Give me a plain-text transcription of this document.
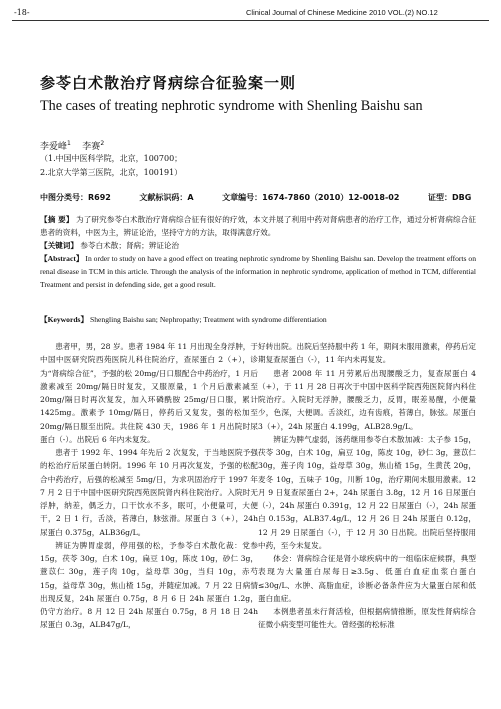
-18-	Clinical Journal of Chinese Medicine 2010 VOL.(2) NO.12
参苓白术散治疗肾病综合征验案一则
The cases of treating nephrotic syndrome with Shenling Baishu san
李爱峰$^1$ 李赛$^2$
（1.中国中医科学院，北京，100700；
2.北京大学第三医院，北京，100191）
中图分类号：R692	文献标识码：A	文章编号：1674-7860（2010）12-0018-02	证型：DBG
【摘 要】 为了研究参苓白术散治疗肾病综合征有很好的疗效，本文并展了利用中药对肾病患者的治疗工作，通过分析肾病综合征患者的资料，中医为主，辨证论治，坚持守方的方法，取得满意疗效。
【关键词】 参苓白术散；肾病；辨证论治
【Abstract】 In order to study on have a good effect on treating nephrotic syndrome by Shenling Baishu san. Develop the treatment efforts on renal disease in TCM in this article. Through the analysis of the information in nephrotic syndrome, application of method in TCM, differential Treatment and persist in defending side, get a good result.
【Keywords】 Shengling Baishu san; Nephropathy; Treatment with syndrome differentiation

患者甲，男，28 岁。患者 1984 年 11 月出现全身浮肿，于中国中医研究院西苑医院儿科住院治疗，查尿蛋白 2（+），诊为“肾病综合征”，予强的松 20mg/日口服配合中药治疗，1 月后激素减至 20mg/隔日时复发，又服原量，1 个月后激素减至 20mg/隔日时再次复发，加入环磷酰胺 25mg/日口服，累计 1425mg。激素予 10mg/隔日，停药后又复发，强的松加至 20mg/隔日服至出院。共住院 430 天，1986 年 1 月出院时尿蛋白（-）。出院后 6 年内未复发。

患者于 1992 年、1994 年先后 2 次复发，于当地医院予强的松治疗后尿蛋白转阴。1996 年 10 月再次复发，予强的松配合中药治疗，后强的松减至 5mg/日，为求巩固治疗于 1997 年 7 月 2 日于中国中医研究院西苑医院肾内科住院治疗。入院时无浮肿，纳差，偶乏力，口干饮水不多，眠可，小便量可，大便干，2 日 1 行，舌淡，苔薄白，脉弦滑。尿蛋白 3（+），24h 尿蛋白 0.375g，ALB36g/L。

辨证为脾胃虚弱，停用强的松，予参苓白术散化裁：党参 15g，茯苓 30g，白术 10g，扁豆 10g，陈皮 10g，砂仁 3g，薏苡仁 30g，莲子肉 10g，益母草 30g，当归 10g，赤芍 15g，益母草 30g，焦山楂 15g，并随症加减。7 月 22 日病情出现反复，24h 尿蛋白 0.75g，8 月 6 日 24h 尿蛋白 1.2g，仍守方治疗。8 月 12 日 24h 尿蛋白 0.75g，8 月 18 日 24h 尿蛋白 0.3g，ALB47g/L，

好转出院。出院后坚持服中药 1 年，期间未服用激素，停药后定期复查尿蛋白（-），11 年内未再复发。

患者 2008 年 11 月劳累后出现腰酸乏力，复查尿蛋白 4（+），于 11 月 28 日再次于中国中医科学院西苑医院肾内科住院治疗。入院时无浮肿，腰酸乏力，反胃，眠差易醒，小便量少，色深，大便调。舌淡红，边有齿痕，苔薄白，脉弦。尿蛋白 3（+），24h 尿蛋白 4.199g，ALB28.9g/L。

辨证为脾气虚弱，汤药继用参苓白术散加减：太子参 15g，茯苓 30g，白术 10g，扁豆 10g，陈皮 10g，砂仁 3g，薏苡仁 30g，莲子肉 10g，益母草 30g，焦山楂 15g，生黄芪 20g，麦冬 10g，五味子 10g，川断 10g，治疗期间未服用激素。12 月 9 日复查尿蛋白 2+，24h 尿蛋白 3.8g，12 月 16 日尿蛋白（-），24h 尿蛋白 0.391g，12 月 22 日尿蛋白（-），24h 尿蛋白 0.153g，ALB37.4g/L，12 月 26 日 24h 尿蛋白 0.12g，12 月 29 日尿蛋白（-），于 12 月 30 日出院。出院后坚持服用中药，至今未复发。

体会：肾病综合征是肾小球疾病中的一组临床症候群，典型表现为大量蛋白尿每日≥3.5g、低蛋白血症血浆白蛋白≤30g/L、水肿、高脂血症，诊断必备条件应为大量蛋白尿和低蛋白血症。

本例患者虽未行肾活检，但根据病情推断，原发性肾病综合征微小病变型可能性大。曾经强的松标准
